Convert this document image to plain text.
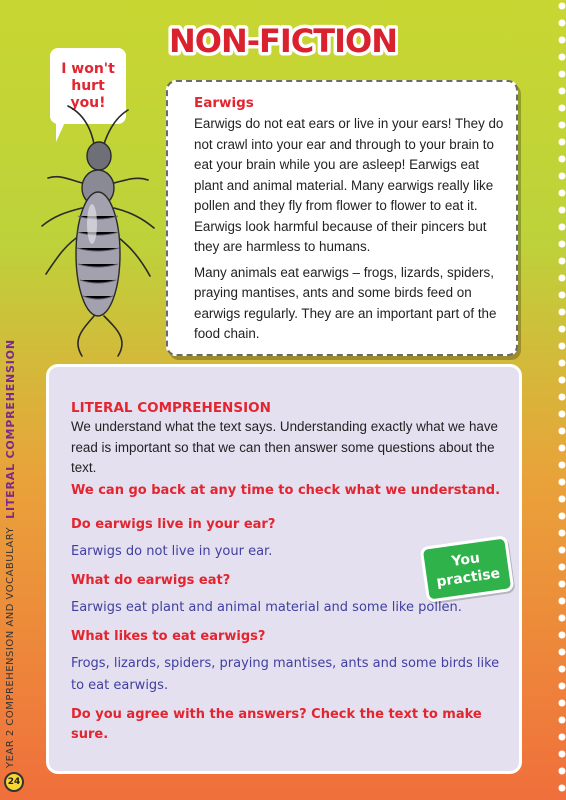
NON-FICTION
I won't
hurt
you!	Earwigs

Earwigs do not eat ears or live in your ears! They do not crawl into your ear and through to your brain to eat your brain while you are asleep! Earwigs eat plant and animal material. Many earwigs really like pollen and they fly from flower to flower to eat it. Earwigs look harmful because of their pincers but they are harmless to humans.

Many animals eat earwigs – frogs, lizards, spiders, praying mantises, ants and some birds feed on earwigs regularly. They are an important part of the food chain.

LITERAL COMPREHENSION

We understand what the text says. Understanding exactly what we have read is important so that we can then answer some questions about the text.

We can go back at any time to check what we understand.

Do earwigs live in your ear?

Earwigs do not live in your ear.

What do earwigs eat?

Earwigs eat plant and animal material and some like pollen.

What likes to eat earwigs?

Frogs, lizards, spiders, praying mantises, ants and some birds like to eat earwigs.

Do you agree with the answers? Check the text to make sure.

You
practise
YEAR 2 COMPREHENSION AND VOCABULARY
LITERAL COMPREHENSION
24
